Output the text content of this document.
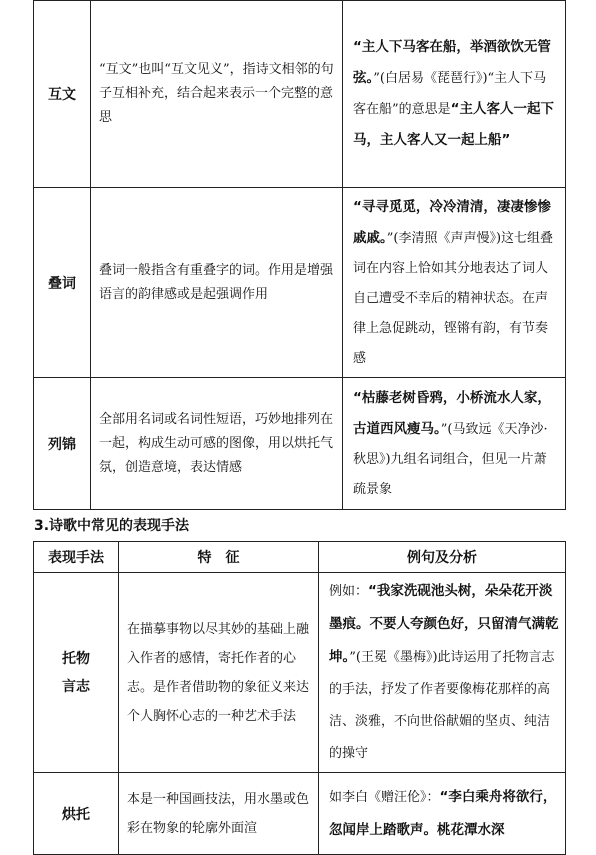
互文	“互文”也叫“互文见义”，指诗文相邻的句子互相补充，结合起来表示一个完整的意思	“主人下马客在船，举酒欲饮无管弦。”(白居易《琵琶行》)“主人下马客在船”的意思是“主人客人一起下马，主人客人又一起上船”
叠词	叠词一般指含有重叠字的词。作用是增强语言的韵律感或是起强调作用	“寻寻觅觅，冷冷清清，凄凄惨惨戚戚。”(李清照《声声慢》)这七组叠词在内容上恰如其分地表达了词人自己遭受不幸后的精神状态。在声律上急促跳动，铿锵有韵，有节奏感
列锦	全部用名词或名词性短语，巧妙地排列在一起，构成生动可感的图像，用以烘托气氛，创造意境，表达情感	“枯藤老树昏鸦，小桥流水人家，古道西风瘦马。”(马致远《天净沙·秋思》)九组名词组合，但见一片萧疏景象
3.诗歌中常见的表现手法
表现手法	特　征	例句及分析
托物言志	在描摹事物以尽其妙的基础上融入作者的感情，寄托作者的心志。是作者借助物的象征义来达个人胸怀心志的一种艺术手法	例如：“我家洗砚池头树，朵朵花开淡墨痕。不要人夸颜色好，只留清气满乾坤。”(王冕《墨梅》)此诗运用了托物言志的手法，抒发了作者要像梅花那样的高洁、淡雅，不向世俗献媚的坚贞、纯洁的操守
烘托	本是一种国画技法，用水墨或色彩在物象的轮廓外面渲	如李白《赠汪伦》：“李白乘舟将欲行，忽闻岸上踏歌声。桃花潭水深
